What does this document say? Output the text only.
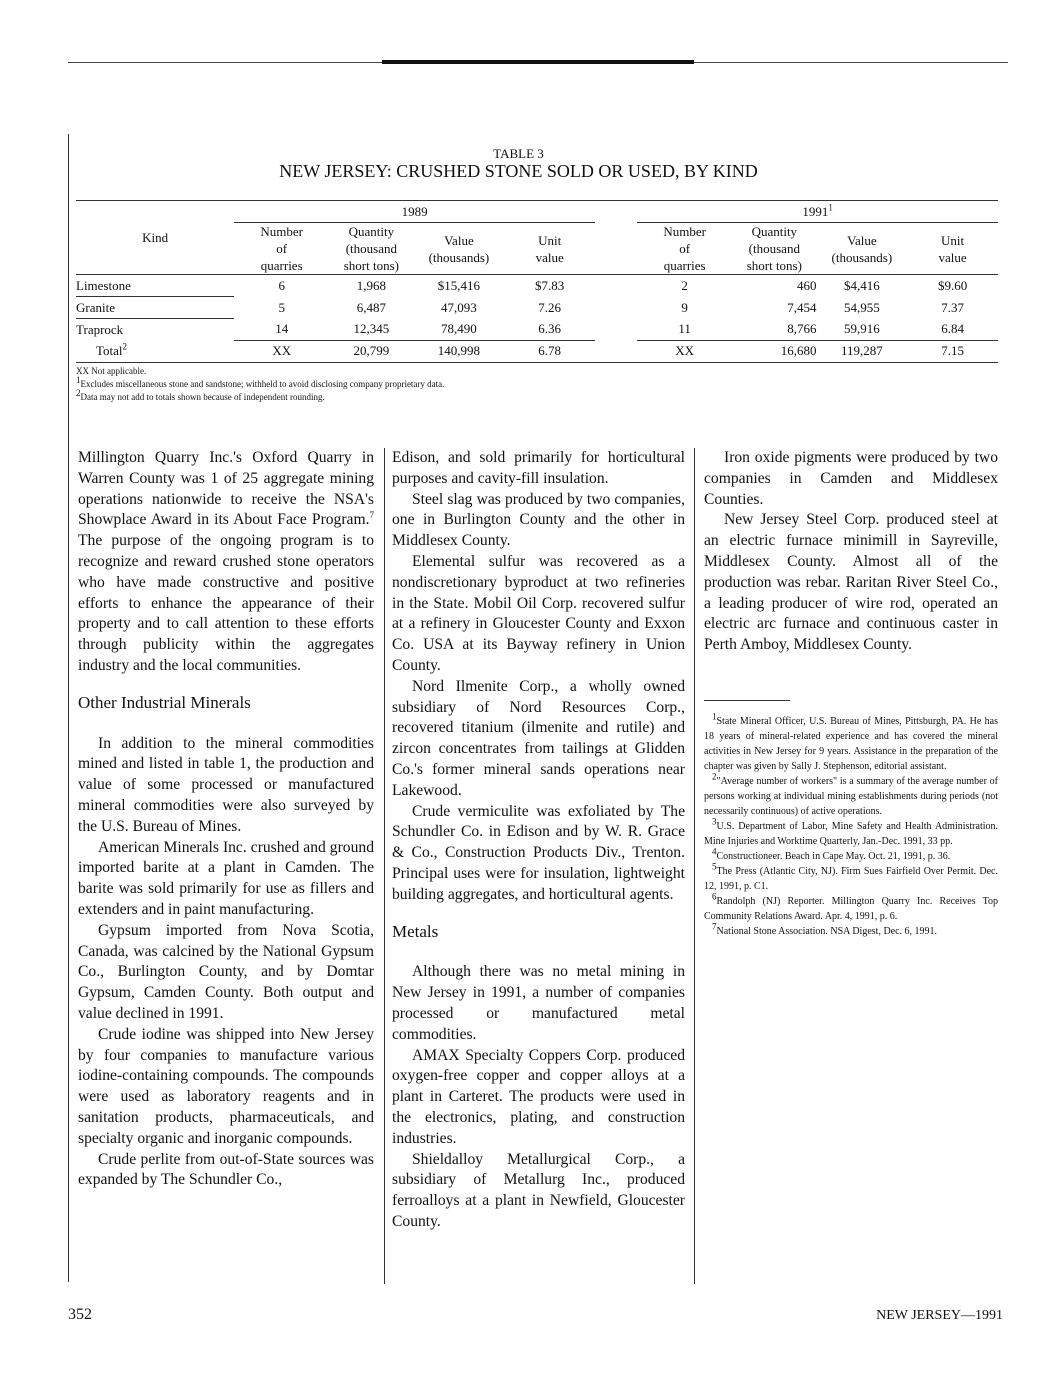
TABLE 3
NEW JERSEY: CRUSHED STONE SOLD OR USED, BY KIND
Kind	1989					1991$^1$
	Number
of
quarries	Quantity
(thousand
short tons)	Value
(thousands)	Unit
value		Number
of
quarries	Quantity
(thousand
short tons)	Value
(thousands)	Unit
value
Limestone	6	1,968	$15,416	$7.83		2	460	$4,416	$9.60
Granite	5	6,487	47,093	7.26		9	7,454	54,955	7.37
Traprock	14	12,345	78,490	6.36		11	8,766	59,916	6.84
Total$^2$	XX	20,799	140,998	6.78		XX	16,680	119,287	7.15
XX Not applicable.
$^1$Excludes miscellaneous stone and sandstone; withheld to avoid disclosing company proprietary data.
$^2$Data may not add to totals shown because of independent rounding.

Millington Quarry Inc.'s Oxford Quarry in Warren County was 1 of 25 aggregate mining operations nationwide to receive the NSA's Showplace Award in its About Face Program.$^7$ The purpose of the ongoing program is to recognize and reward crushed stone operators who have made constructive and positive efforts to enhance the appearance of their property and to call attention to these efforts through publicity within the aggregates industry and the local communities.

Other Industrial Minerals

In addition to the mineral commodities mined and listed in table 1, the production and value of some processed or manufactured mineral commodities were also surveyed by the U.S. Bureau of Mines.

American Minerals Inc. crushed and ground imported barite at a plant in Camden. The barite was sold primarily for use as fillers and extenders and in paint manufacturing.

Gypsum imported from Nova Scotia, Canada, was calcined by the National Gypsum Co., Burlington County, and by Domtar Gypsum, Camden County. Both output and value declined in 1991.

Crude iodine was shipped into New Jersey by four companies to manufacture various iodine-containing compounds. The compounds were used as laboratory reagents and in sanitation products, pharmaceuticals, and specialty organic and inorganic compounds.

Crude perlite from out-of-State sources was expanded by The Schundler Co.,

Edison, and sold primarily for horticultural purposes and cavity-fill insulation.

Steel slag was produced by two companies, one in Burlington County and the other in Middlesex County.

Elemental sulfur was recovered as a nondiscretionary byproduct at two refineries in the State. Mobil Oil Corp. recovered sulfur at a refinery in Gloucester County and Exxon Co. USA at its Bayway refinery in Union County.

Nord Ilmenite Corp., a wholly owned subsidiary of Nord Resources Corp., recovered titanium (ilmenite and rutile) and zircon concentrates from tailings at Glidden Co.'s former mineral sands operations near Lakewood.

Crude vermiculite was exfoliated by The Schundler Co. in Edison and by W. R. Grace & Co., Construction Products Div., Trenton. Principal uses were for insulation, lightweight building aggregates, and horticultural agents.

Metals

Although there was no metal mining in New Jersey in 1991, a number of companies processed or manufactured metal commodities.

AMAX Specialty Coppers Corp. produced oxygen-free copper and copper alloys at a plant in Carteret. The products were used in the electronics, plating, and construction industries.

Shieldalloy Metallurgical Corp., a subsidiary of Metallurg Inc., produced ferroalloys at a plant in Newfield, Gloucester County.

Iron oxide pigments were produced by two companies in Camden and Middlesex Counties.

New Jersey Steel Corp. produced steel at an electric furnace minimill in Sayreville, Middlesex County. Almost all of the production was rebar. Raritan River Steel Co., a leading producer of wire rod, operated an electric arc furnace and continuous caster in Perth Amboy, Middlesex County.

$^1$State Mineral Officer, U.S. Bureau of Mines, Pittsburgh, PA. He has 18 years of mineral-related experience and has covered the mineral activities in New Jersey for 9 years. Assistance in the preparation of the chapter was given by Sally J. Stephenson, editorial assistant.

$^2$"Average number of workers" is a summary of the average number of persons working at individual mining establishments during periods (not necessarily continuous) of active operations.

$^3$U.S. Department of Labor, Mine Safety and Health Administration. Mine Injuries and Worktime Quarterly, Jan.-Dec. 1991, 33 pp.

$^4$Constructioneer. Beach in Cape May. Oct. 21, 1991, p. 36.

$^5$The Press (Atlantic City, NJ). Firm Sues Fairfield Over Permit. Dec. 12, 1991, p. C1.

$^6$Randolph (NJ) Reporter. Millington Quarry Inc. Receives Top Community Relations Award. Apr. 4, 1991, p. 6.

$^7$National Stone Association. NSA Digest, Dec. 6, 1991.

352	NEW JERSEY—1991
